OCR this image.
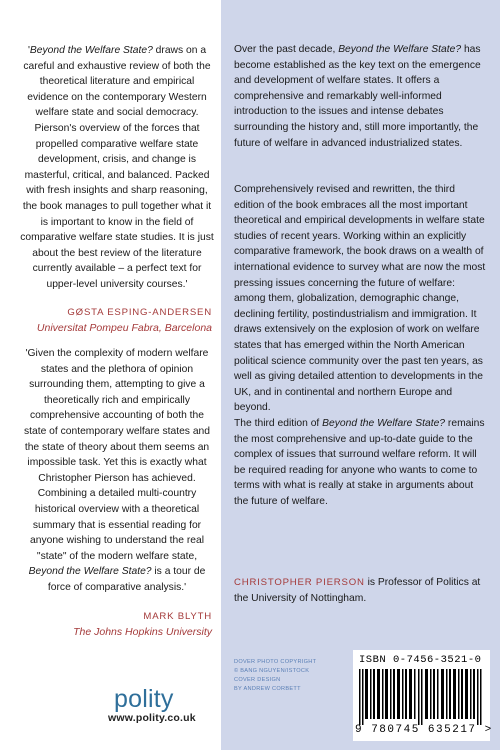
'Beyond the Welfare State? draws on a careful and exhaustive review of both the theoretical literature and empirical evidence on the contemporary Western welfare state and social democracy. Pierson's overview of the forces that propelled comparative welfare state development, crisis, and change is masterful, critical, and balanced. Packed with fresh insights and sharp reasoning, the book manages to pull together what it is important to know in the field of comparative welfare state studies. It is just about the best review of the literature currently available – a perfect text for upper-level university courses.'
GØSTA ESPING-ANDERSEN
Universitat Pompeu Fabra, Barcelona
'Given the complexity of modern welfare states and the plethora of opinion surrounding them, attempting to give a theoretically rich and empirically comprehensive accounting of both the state of contemporary welfare states and the state of theory about them seems an impossible task. Yet this is exactly what Christopher Pierson has achieved. Combining a detailed multi-country historical overview with a theoretical summary that is essential reading for anyone wishing to understand the real "state" of the modern welfare state, Beyond the Welfare State? is a tour de force of comparative analysis.'
MARK BLYTH
The Johns Hopkins University
polity
www.polity.co.uk
Over the past decade, Beyond the Welfare State? has become established as the key text on the emergence and development of welfare states. It offers a comprehensive and remarkably well-informed introduction to the issues and intense debates surrounding the history and, still more importantly, the future of welfare in advanced industrialized states.
Comprehensively revised and rewritten, the third edition of the book embraces all the most important theoretical and empirical developments in welfare state studies of recent years. Working within an explicitly comparative framework, the book draws on a wealth of international evidence to survey what are now the most pressing issues concerning the future of welfare: among them, globalization, demographic change, declining fertility, postindustrialism and immigration. It draws extensively on the explosion of work on welfare states that has emerged within the North American political science community over the past ten years, as well as giving detailed attention to developments in the UK, and in continental and northern Europe and beyond.
The third edition of Beyond the Welfare State? remains the most comprehensive and up-to-date guide to the complex of issues that surround welfare reform. It will be required reading for anyone who wants to come to terms with what is really at stake in arguments about the future of welfare.
CHRISTOPHER PIERSON is Professor of Politics at the University of Nottingham.
DOVER PHOTO COPYRIGHT
© BANG NGUYEN/ISTOCK
COVER DESIGN
BY ANDREW CORBETT
ISBN 0-7456-3521-0
9 780745 635217 >
